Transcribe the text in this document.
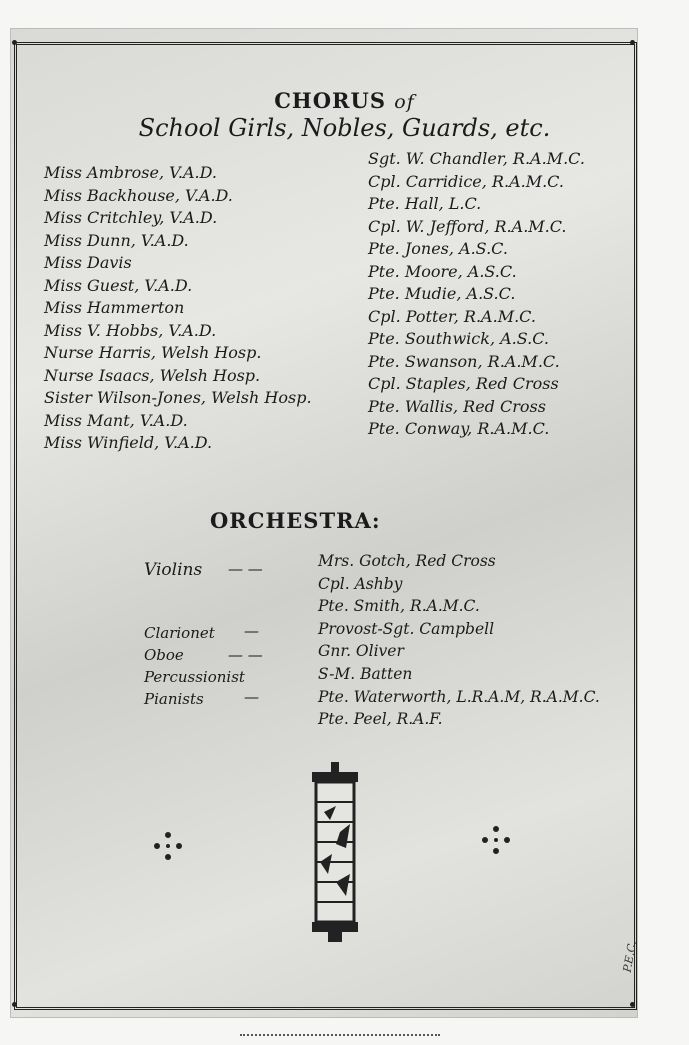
CHORUS of
School Girls, Nobles, Guards, etc.
Miss Ambrose, V.A.D.
Miss Backhouse, V.A.D.
Miss Critchley, V.A.D.
Miss Dunn, V.A.D.
Miss Davis
Miss Guest, V.A.D.
Miss Hammerton
Miss V. Hobbs, V.A.D.
Nurse Harris, Welsh Hosp.
Nurse Isaacs, Welsh Hosp.
Sister Wilson-Jones, Welsh Hosp.
Miss Mant, V.A.D.
Miss Winfield, V.A.D.
Sgt. W. Chandler, R.A.M.C.
Cpl. Carridice, R.A.M.C.
Pte. Hall, L.C.
Cpl. W. Jefford, R.A.M.C.
Pte. Jones, A.S.C.
Pte. Moore, A.S.C.
Pte. Mudie, A.S.C.
Cpl. Potter, R.A.M.C.
Pte. Southwick, A.S.C.
Pte. Swanson, R.A.M.C.
Cpl. Staples, Red Cross
Pte. Wallis, Red Cross
Pte. Conway, R.A.M.C.
ORCHESTRA:
Violins — —
Clarionet —
Oboe	— —
Percussionist
Pianists	—
Mrs. Gotch, Red Cross
Cpl. Ashby
Pte. Smith, R.A.M.C.
Provost-Sgt. Campbell
Gnr. Oliver
S-M. Batten
Pte. Waterworth, L.R.A.M, R.A.M.C.
Pte. Peel, R.A.F.
P.E.C.
